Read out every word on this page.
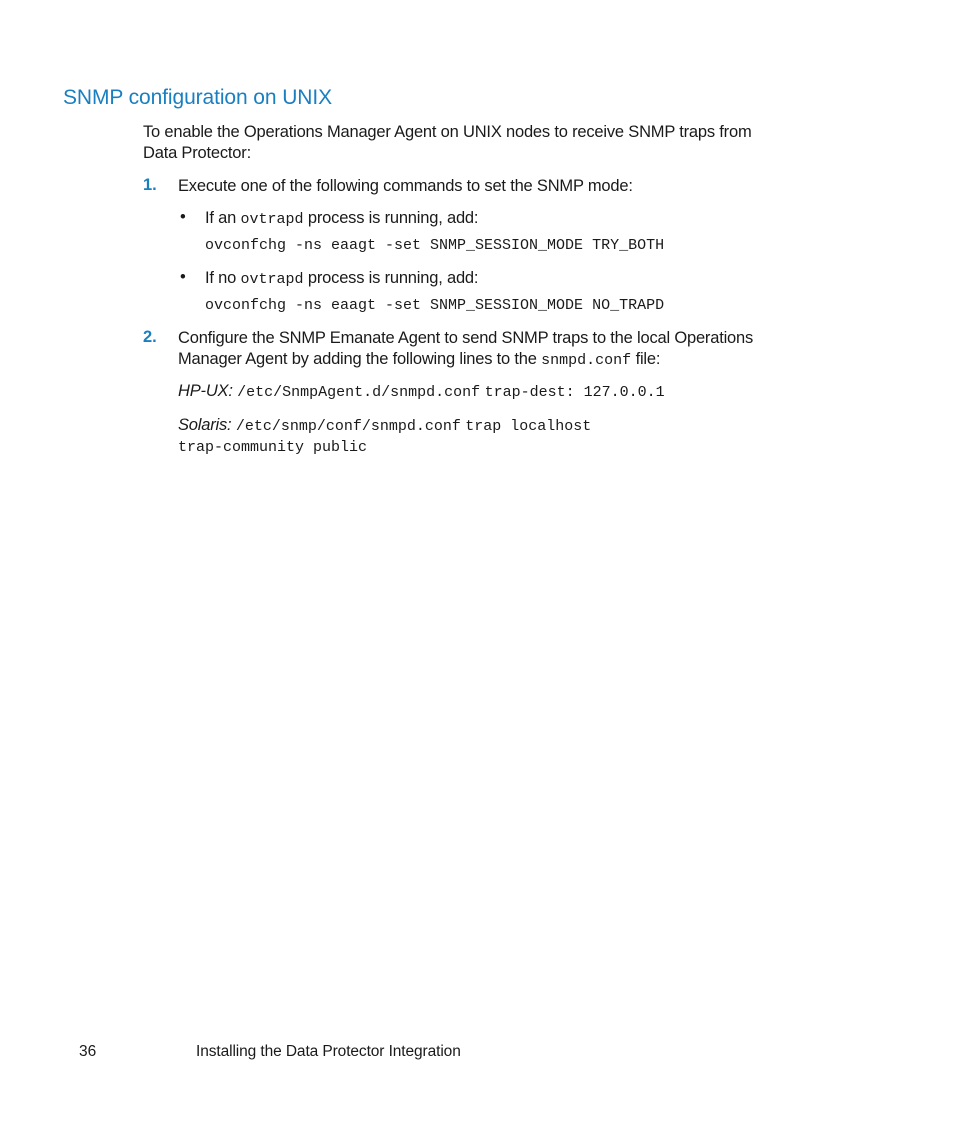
SNMP configuration on UNIX
To enable the Operations Manager Agent on UNIX nodes to receive SNMP traps from Data Protector:
1. Execute one of the following commands to set the SNMP mode:
• If an ovtrapd process is running, add:
ovconfchg -ns eaagt -set SNMP_SESSION_MODE TRY_BOTH
• If no ovtrapd process is running, add:
ovconfchg -ns eaagt -set SNMP_SESSION_MODE NO_TRAPD
2. Configure the SNMP Emanate Agent to send SNMP traps to the local Operations
Manager Agent by adding the following lines to the snmpd.conf file:
HP-UX: /etc/SnmpAgent.d/snmpd.conf trap-dest: 127.0.0.1
Solaris: /etc/snmp/conf/snmpd.conf trap localhost
trap-community public
36	Installing the Data Protector Integration
